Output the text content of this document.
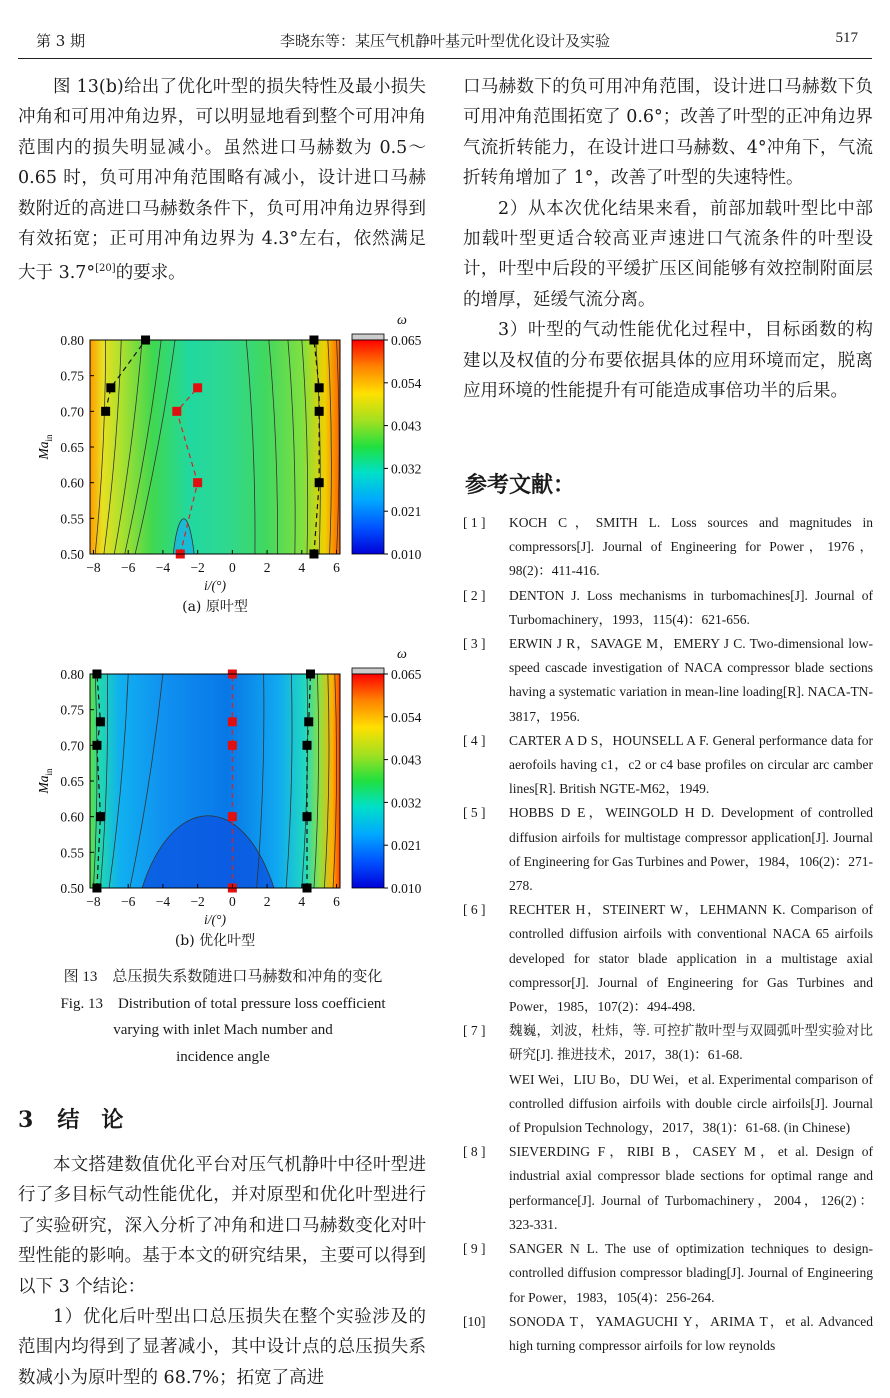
第 3 期	李晓东等：某压气机静叶基元叶型优化设计及实验	517

图 13(b)给出了优化叶型的损失特性及最小损失冲角和可用冲角边界，可以明显地看到整个可用冲角范围内的损失明显减小。虽然进口马赫数为 0.5～0.65 时，负可用冲角范围略有减小，设计进口马赫数附近的高进口马赫数条件下，负可用冲角边界得到有效拓宽；正可用冲角边界为 4.3°左右，依然满足大于 3.7°[20]的要求。

−8 −6 −4 −2 0 2 4 6
0.80
0.75
0.70
0.65
0.60
0.55
0.50
i/(°)
$Ma_{in}$
(a) 原叶型
ω
0.065
0.054
0.043
0.032
0.021
0.010
−8 −6 −4 −2 0 2 4 6
0.80
0.75
0.70
0.65
0.60
0.55
0.50
i/(°)
$Ma_{in}$
(b) 优化叶型
ω
0.065
0.054
0.043
0.032
0.021
0.010
图 13 总压损失系数随进口马赫数和冲角的变化
Fig. 13 Distribution of total pressure loss coefficient
varying with inlet Mach number and
incidence angle
3 结论

本文搭建数值优化平台对压气机静叶中径叶型进行了多目标气动性能优化，并对原型和优化叶型进行了实验研究，深入分析了冲角和进口马赫数变化对叶型性能的影响。基于本文的研究结果，主要可以得到以下 3 个结论：

1）优化后叶型出口总压损失在整个实验涉及的范围内均得到了显著减小，其中设计点的总压损失系数减小为原叶型的 68.7%；拓宽了高进

口马赫数下的负可用冲角范围，设计进口马赫数下负可用冲角范围拓宽了 0.6°；改善了叶型的正冲角边界气流折转能力，在设计进口马赫数、4°冲角下，气流折转角增加了 1°，改善了叶型的失速特性。

2）从本次优化结果来看，前部加载叶型比中部加载叶型更适合较高亚声速进口气流条件的叶型设计，叶型中后段的平缓扩压区间能够有效控制附面层的增厚，延缓气流分离。

3）叶型的气动性能优化过程中，目标函数的构建以及权值的分布要依据具体的应用环境而定，脱离应用环境的性能提升有可能造成事倍功半的后果。

参考文献：
[ 1 ] KOCH C，SMITH L. Loss sources and magnitudes in compressors[J]. Journal of Engineering for Power，1976，98(2)：411-416.
[ 2 ] DENTON J. Loss mechanisms in turbomachines[J]. Journal of Turbomachinery，1993，115(4)：621-656.
[ 3 ] ERWIN J R，SAVAGE M，EMERY J C. Two-dimensional low-speed cascade investigation of NACA compressor blade sections having a systematic variation in mean-line loading[R]. NACA-TN-3817，1956.
[ 4 ] CARTER A D S，HOUNSELL A F. General performance data for aerofoils having c1，c2 or c4 base profiles on circular arc camber lines[R]. British NGTE-M62，1949.
[ 5 ] HOBBS D E，WEINGOLD H D. Development of controlled diffusion airfoils for multistage compressor application[J]. Journal of Engineering for Gas Turbines and Power，1984，106(2)：271-278.
[ 6 ] RECHTER H，STEINERT W，LEHMANN K. Comparison of controlled diffusion airfoils with conventional NACA 65 airfoils developed for stator blade application in a multistage axial compressor[J]. Journal of Engineering for Gas Turbines and Power，1985，107(2)：494-498.
[ 7 ] 魏巍，刘波，杜炜，等. 可控扩散叶型与双圆弧叶型实验对比研究[J]. 推进技术，2017，38(1)：61-68.
WEI Wei，LIU Bo，DU Wei，et al. Experimental comparison of controlled diffusion airfoils with double circle airfoils[J]. Journal of Propulsion Technology，2017，38(1)：61-68. (in Chinese)
[ 8 ] SIEVERDING F，RIBI B，CASEY M，et al. Design of industrial axial compressor blade sections for optimal range and performance[J]. Journal of Turbomachinery，2004，126(2)：323-331.
[ 9 ] SANGER N L. The use of optimization techniques to design-controlled diffusion compressor blading[J]. Journal of Engineering for Power，1983，105(4)：256-264.
[10] SONODA T，YAMAGUCHI Y，ARIMA T，et al. Advanced high turning compressor airfoils for low reynolds
